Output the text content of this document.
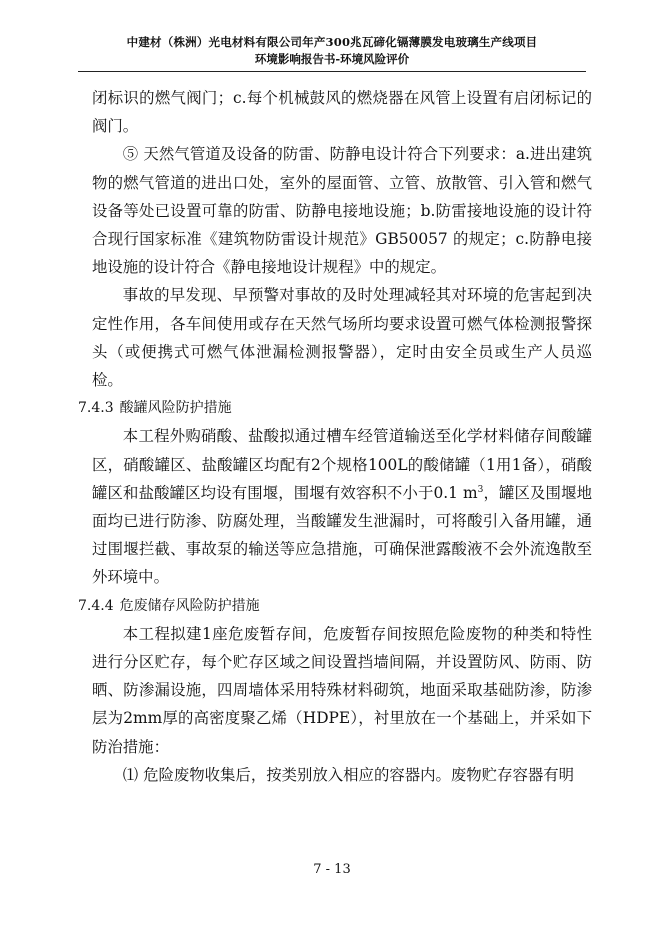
中建材（株洲）光电材料有限公司年产300兆瓦碲化镉薄膜发电玻璃生产线项目
环境影响报告书-环境风险评价

闭标识的燃气阀门；c.每个机械鼓风的燃烧器在风管上设置有启闭标记的阀门。

⑤ 天然气管道及设备的防雷、防静电设计符合下列要求：a.进出建筑物的燃气管道的进出口处，室外的屋面管、立管、放散管、引入管和燃气设备等处已设置可靠的防雷、防静电接地设施；b.防雷接地设施的设计符合现行国家标准《建筑物防雷设计规范》GB50057 的规定；c.防静电接地设施的设计符合《静电接地设计规程》中的规定。

事故的早发现、早预警对事故的及时处理减轻其对环境的危害起到决定性作用，各车间使用或存在天然气场所均要求设置可燃气体检测报警探头（或便携式可燃气体泄漏检测报警器），定时由安全员或生产人员巡检。

7.4.3 酸罐风险防护措施

本工程外购硝酸、盐酸拟通过槽车经管道输送至化学材料储存间酸罐区，硝酸罐区、盐酸罐区均配有2个规格100L的酸储罐（1用1备），硝酸罐区和盐酸罐区均设有围堰，围堰有效容积不小于0.1 $m^3$，罐区及围堰地面均已进行防渗、防腐处理，当酸罐发生泄漏时，可将酸引入备用罐，通过围堰拦截、事故泵的输送等应急措施，可确保泄露酸液不会外流逸散至外环境中。

7.4.4 危废储存风险防护措施

本工程拟建1座危废暂存间，危废暂存间按照危险废物的种类和特性进行分区贮存，每个贮存区域之间设置挡墙间隔，并设置防风、防雨、防晒、防渗漏设施，四周墙体采用特殊材料砌筑，地面采取基础防渗，防渗层为2mm厚的高密度聚乙烯（HDPE），衬里放在一个基础上，并采如下防治措施：

⑴ 危险废物收集后，按类别放入相应的容器内。废物贮存容器有明

7 - 13
